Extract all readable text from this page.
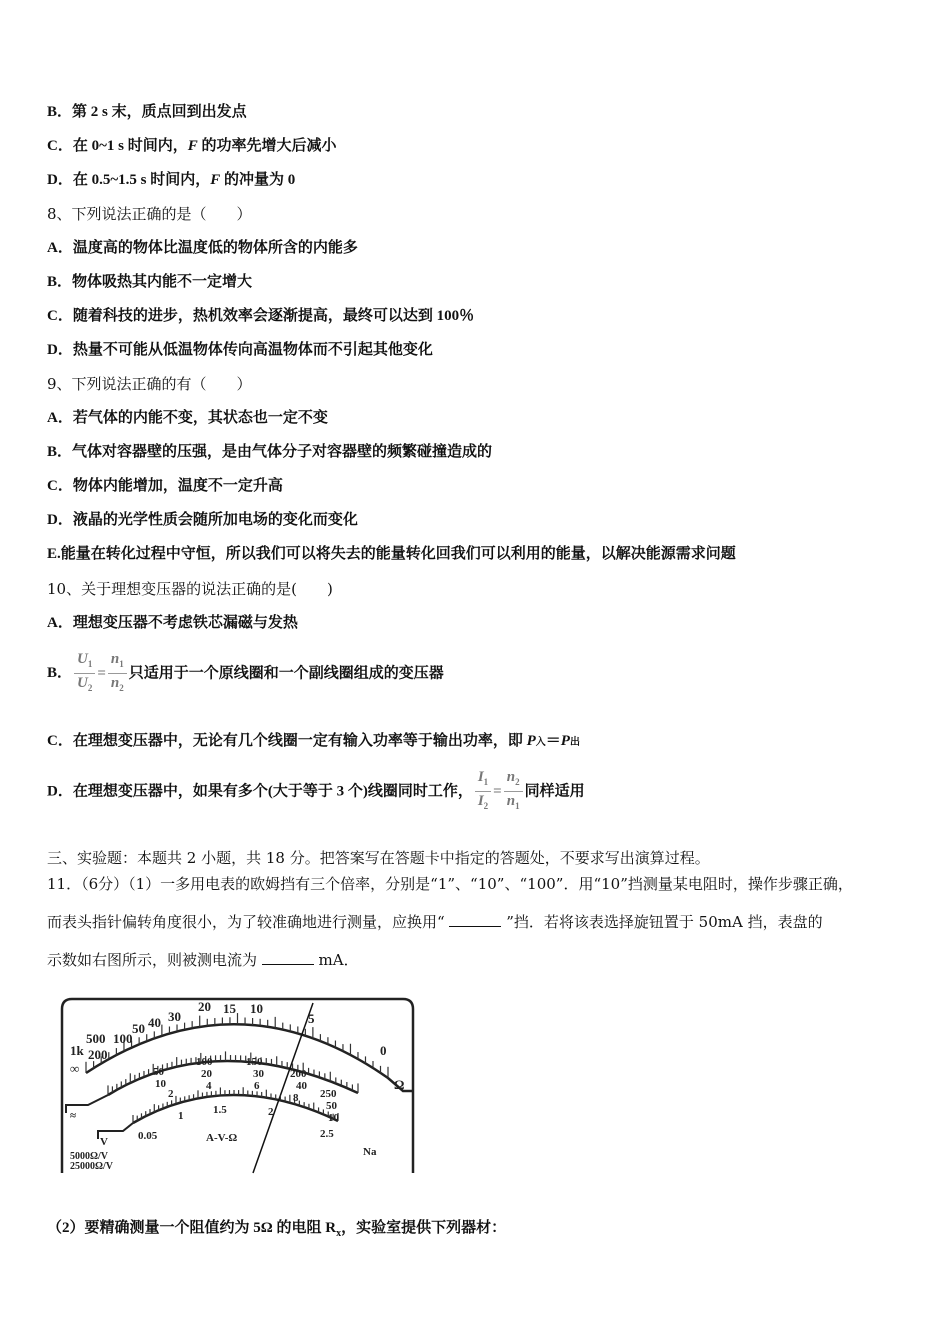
B．第 2 s 末，质点回到出发点
C．在 0~1 s 时间内，F 的功率先增大后减小
D．在 0.5~1.5 s 时间内，F 的冲量为 0
8、下列说法正确的是（　　）
A．温度高的物体比温度低的物体所含的内能多
B．物体吸热其内能不一定增大
C．随着科技的进步，热机效率会逐渐提高，最终可以达到 100％
D．热量不可能从低温物体传向高温物体而不引起其他变化
9、下列说法正确的有（　　）
A．若气体的内能不变，其状态也一定不变
B．气体对容器壁的压强，是由气体分子对容器壁的频繁碰撞造成的
C．物体内能增加，温度不一定升高
D．液晶的光学性质会随所加电场的变化而变化
E.能量在转化过程中守恒，所以我们可以将失去的能量转化回我们可以利用的能量，以解决能源需求问题
10、关于理想变压器的说法正确的是(　　)
A．理想变压器不考虑铁芯漏磁与发热
B． $\frac{U_1}{U_2} = \frac{n_1}{n_2}$ 只适用于一个原线圈和一个副线圈组成的变压器
C．在理想变压器中，无论有几个线圈一定有输入功率等于输出功率，即 P入＝P出
D．在理想变压器中，如果有多个(大于等于 3 个)线圈同时工作， $\frac{I_1}{I_2} = \frac{n_2}{n_1}$ 同样适用
三、实验题：本题共 2 小题，共 18 分。把答案写在答题卡中指定的答题处，不要求写出演算过程。
11．（6分）（1）一多用电表的欧姆挡有三个倍率，分别是“1”、“10”、“100”．用“10”挡测量某电阻时，操作步骤正确，
而表头指针偏转角度很小，为了较准确地进行测量，应换用“	”挡．若将该表选择旋钮置于 50mA 挡，表盘的
示数如右图所示，则被测电流为	mA．
∞
1k
500
200
100
50 40 30
20 15 10
5
0
Ω
50
100	150
200
250
10
20	30
40
50
2
4	6
8
10
0.05
1	1.5	2
2.5
A-V-Ω
Na
≈
V
5000Ω/V
25000Ω/V
（2）要精确测量一个阻值约为 5Ω 的电阻 $R_x$，实验室提供下列器材：
